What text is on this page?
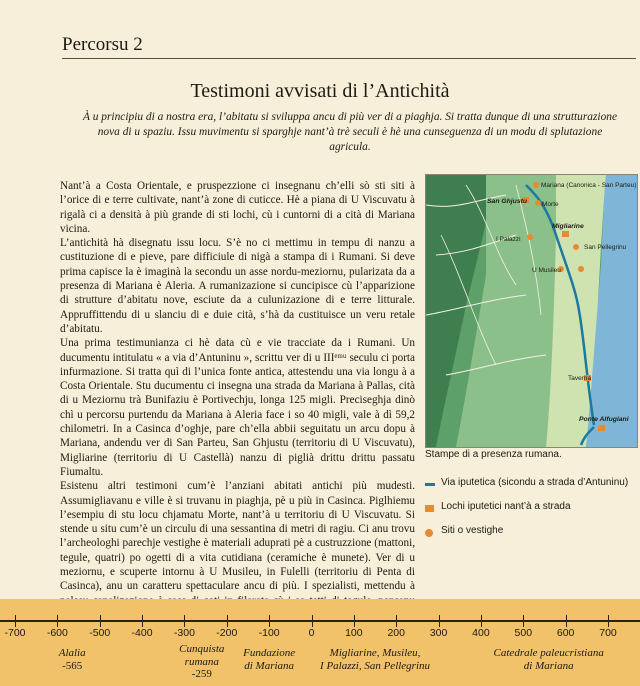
Percorsu 2
Testimoni avvisati di l’Antichità
À u principiu di a nostra era, l’abitatu si sviluppa ancu di più ver di a piaghja. Si tratta dunque di una strutturazione nova di u spaziu. Issu muvimentu si sparghje nant’à trè seculi è hè una cunseguenza di un modu di splutazione agricula.

Nant’à a Costa Orientale, e pruspezzione ci insegnanu ch’elli sò sti siti à l’orice di e terre cultivate, nant’à zone di cuticce. Hè a piana di U Viscuvatu à rigalà ci a densità à più grande di sti lochi, cù i cuntorni di a cità di Mariana vicina.

L’antichità hà disegnatu issu locu. S’è no ci mettimu in tempu di nanzu a custituzione di e pieve, pare difficiule di nigà a stampa di i Rumani. Si deve prima capisce la è imaginà la secondu un asse nordu-meziornu, pularizata da a presenza di Mariana è Aleria. A rumanizazione si cuncipisce cù l’apparizione di strutture d’abitatu nove, esciute da a culunizazione di e terre litturale. Appruffittendu di u slanciu di e duie cità, s’hà da custituisce un veru retale d’abitatu.

Una prima testimunianza ci hè data cù e vie tracciate da i Rumani. Un ducumentu intitulatu « a via d’Antuninu », scrittu ver di u IIIᵉᵐᵘ seculu ci porta infurmazione. Si tratta quì di l’unica fonte antica, attestendu una via longu à a Costa Orientale. Stu ducumentu ci insegna una strada da Mariana à Pallas, cità di u Meziornu trà Bunifaziu è Portivechju, longa 125 migli. Preciseghja dinò chì u percorsu purtendu da Mariana à Aleria face i so 40 migli, vale à dì 59,2 chilometri. In a Casinca d’oghje, pare ch’ella abbii seguitatu un arcu dopu à Mariana, andendu ver di San Parteu, San Ghjustu (territoriu di U Viscuvatu), Migliarine (territoriu di U Castellà) nanzu di piglià drittu drittu passatu Fiumaltu.

Esistenu altri testimoni cum’è l’anziani abitati antichi più mudesti. Assumigliavanu e ville è si truvanu in piaghja, pè u più in Casinca. Piglhiemu l’esempiu di stu locu chjamatu Morte, nant’à u territoriu di U Viscuvatu. Si stende u situ cum’è un circulu di una sessantina di metri di ragiu. Ci anu trovu l’archeologhi parechje vestighe è materiali aduprati pè a custruzzione (mattoni, tegule, quatri) po ogetti di a vita cutidiana (ceramiche è munete). Ver di u meziornu, e scuperte intornu à U Musileu, in Fulelli (territoriu di Penta di Casinca), anu un caratteru spettaculare ancu di più. I spezialisti, mettendu à

Mariana (Canonica - San Parteu)
San Ghjustu Morte
I Palazzi
Migliarine
San Pellegrinu
U Musileu
Taverna
Ponte Alfugiani
Stampe di a presenza rumana.
Via iputetica (sicondu a strada d’Antuninu)
Lochi iputetici nant’à a strada
Siti o vestighe
-700 -600 -500 -400 -300 -200 -100	0	100 200 300 400 500 600 700
Alalia
-565
Cunquista
rumana
-259
Fundazione
di Mariana
Migliarine, Musileu,
I Palazzi, San Pellegrinu
Catedrale paleucristiana
di Mariana
